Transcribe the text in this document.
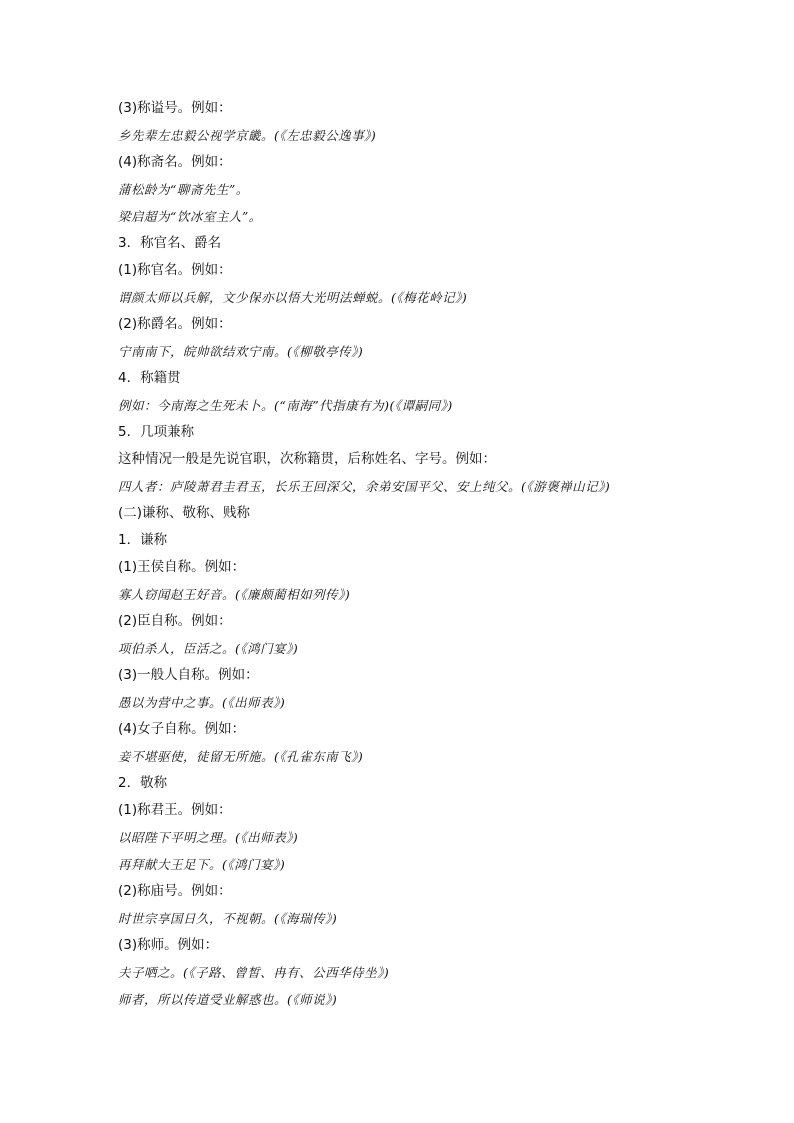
(3)称谥号。例如：
乡先辈左忠毅公视学京畿。(《左忠毅公逸事》)
(4)称斋名。例如：
蒲松龄为“聊斋先生”。
梁启超为“饮冰室主人”。
3．称官名、爵名
(1)称官名。例如：
谓颜太师以兵解，文少保亦以悟大光明法蝉蜕。(《梅花岭记》)
(2)称爵名。例如：
宁南南下，皖帅欲结欢宁南。(《柳敬亭传》)
4．称籍贯
例如：今南海之生死未卜。(“南海”代指康有为)(《谭嗣同》)
5．几项兼称
这种情况一般是先说官职，次称籍贯，后称姓名、字号。例如：
四人者：庐陵萧君圭君玉，长乐王回深父，余弟安国平父、安上纯父。(《游褒禅山记》)
(二)谦称、敬称、贱称
1．谦称
(1)王侯自称。例如：
寡人窃闻赵王好音。(《廉颇蔺相如列传》)
(2)臣自称。例如：
项伯杀人，臣活之。(《鸿门宴》)
(3)一般人自称。例如：
愚以为营中之事。(《出师表》)
(4)女子自称。例如：
妾不堪驱使，徒留无所施。(《孔雀东南飞》)
2．敬称
(1)称君王。例如：
以昭陛下平明之理。(《出师表》)
再拜献大王足下。(《鸿门宴》)
(2)称庙号。例如：
时世宗享国日久，不视朝。(《海瑞传》)
(3)称师。例如：
夫子哂之。(《子路、曾皙、冉有、公西华侍坐》)
师者，所以传道受业解惑也。(《师说》)
